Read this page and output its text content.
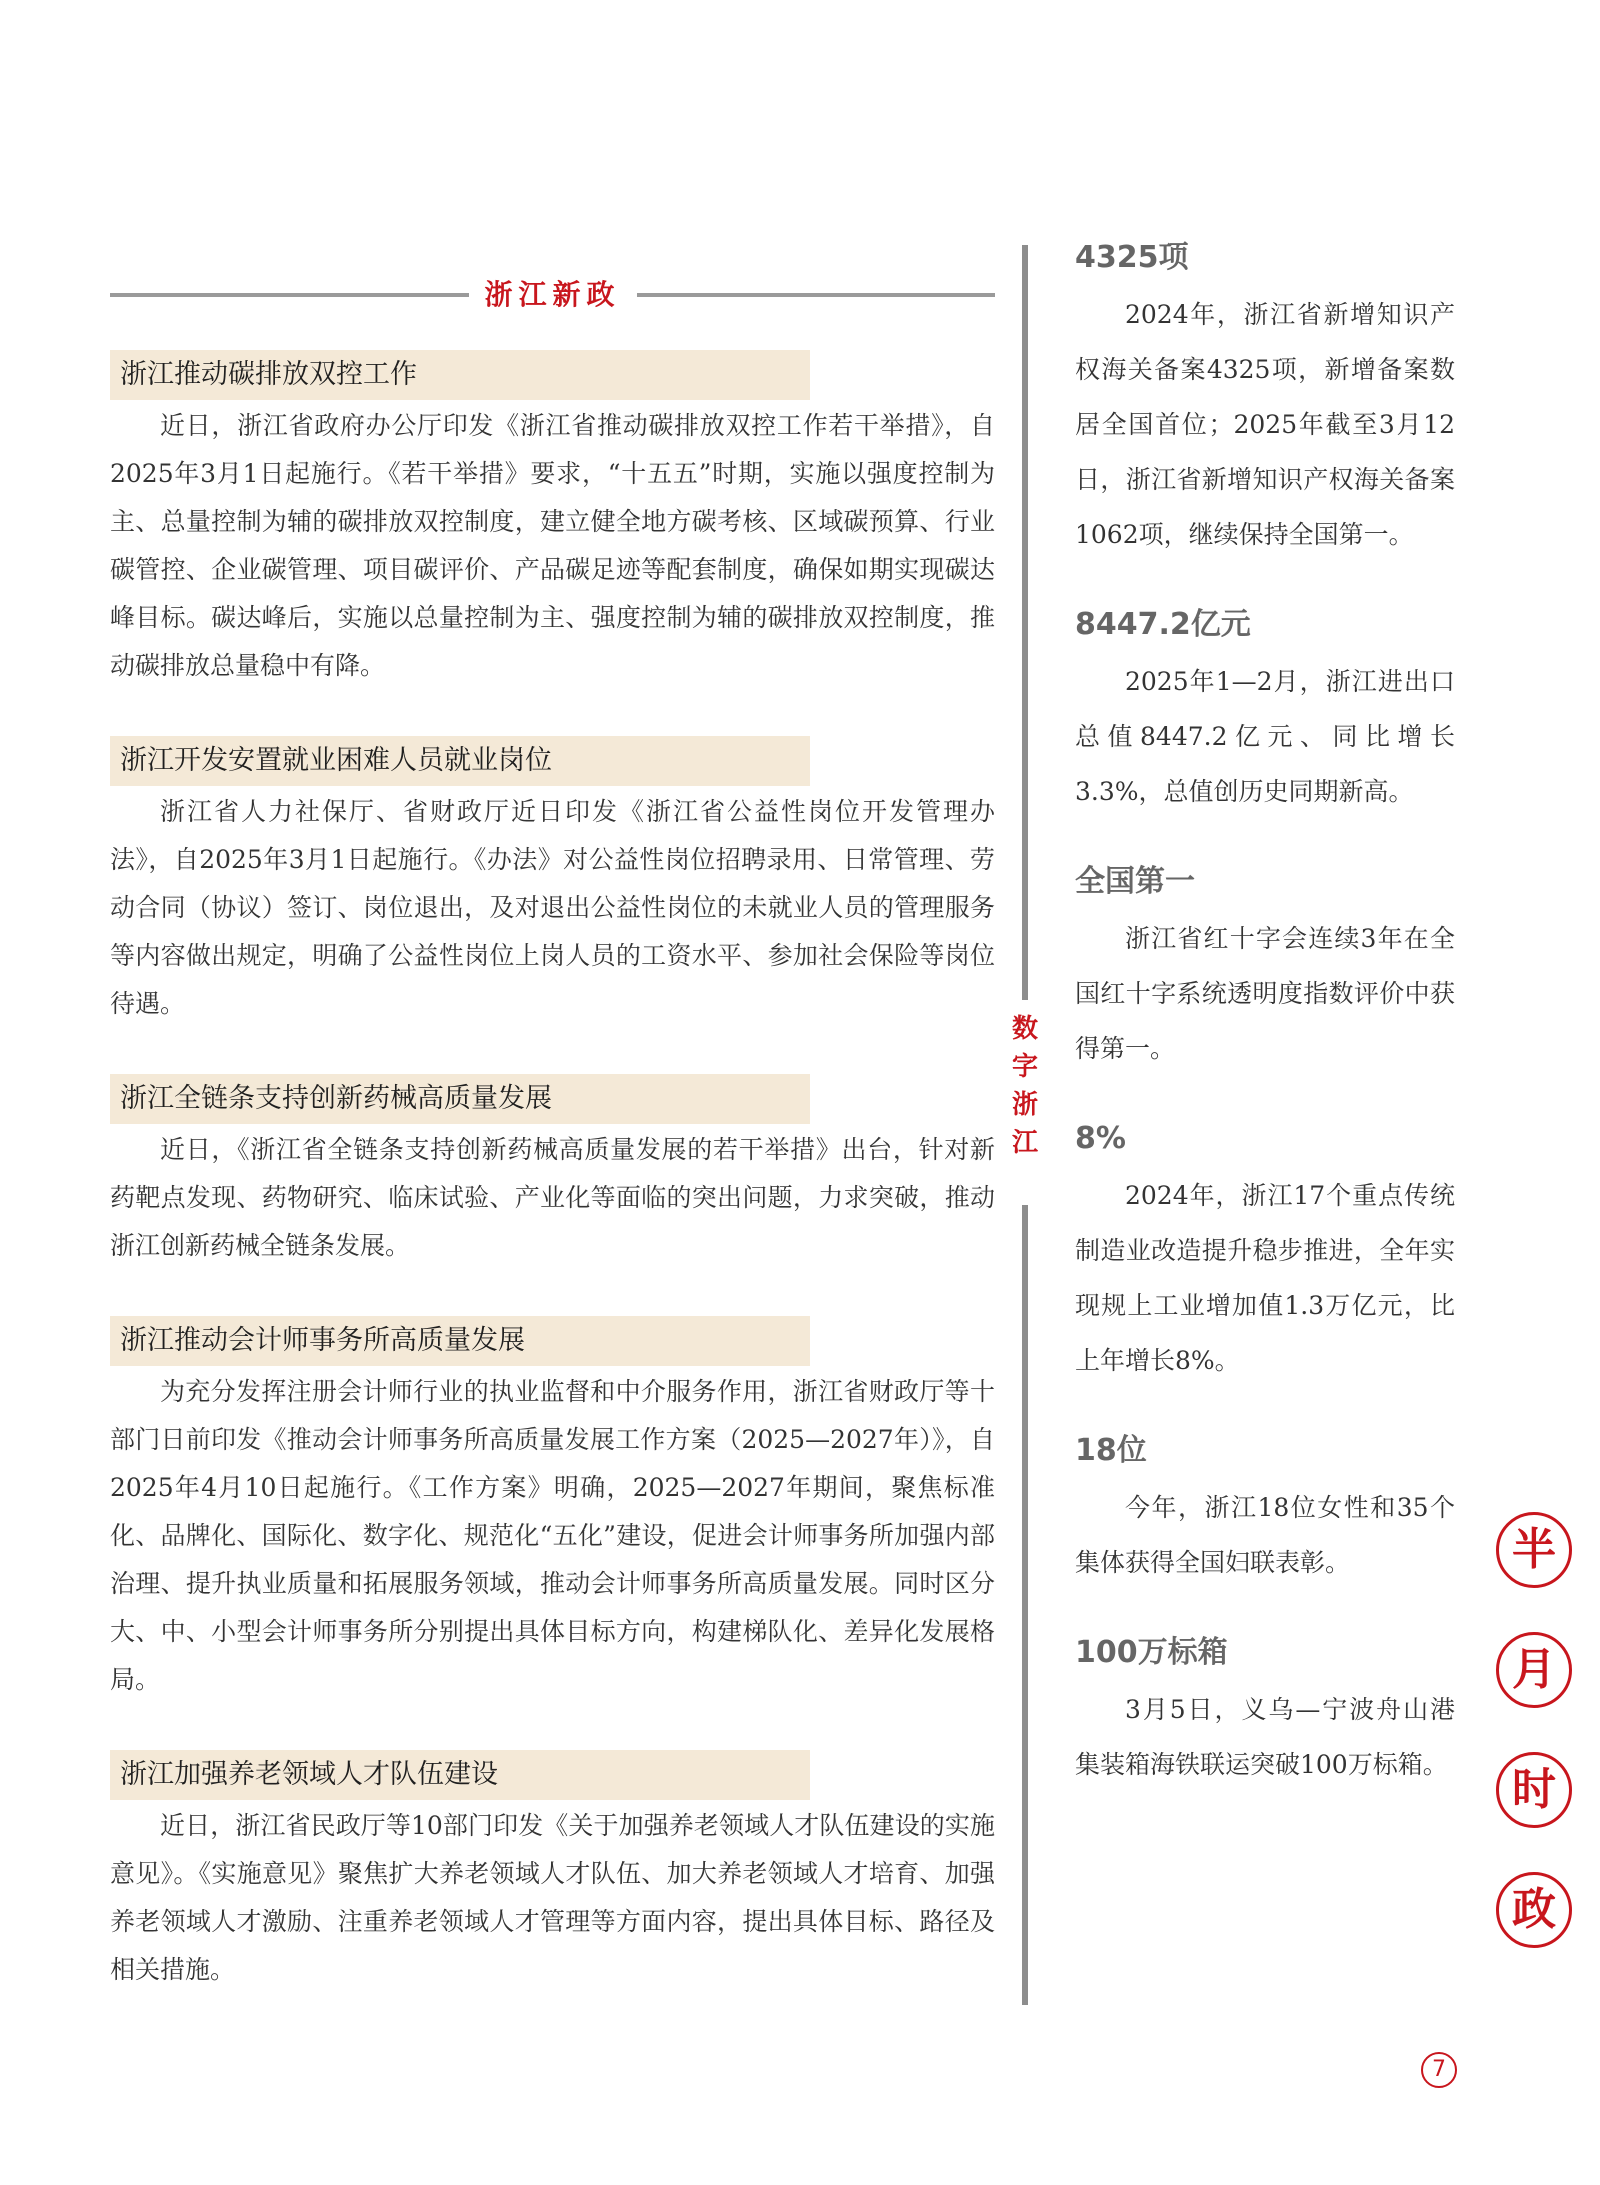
浙江新政
浙江推动碳排放双控工作

近日，浙江省政府办公厅印发《浙江省推动碳排放双控工作若干举措》，自2025年3月1日起施行。《若干举措》要求，“十五五”时期，实施以强度控制为主、总量控制为辅的碳排放双控制度，建立健全地方碳考核、区域碳预算、行业碳管控、企业碳管理、项目碳评价、产品碳足迹等配套制度，确保如期实现碳达峰目标。碳达峰后，实施以总量控制为主、强度控制为辅的碳排放双控制度，推动碳排放总量稳中有降。

浙江开发安置就业困难人员就业岗位

浙江省人力社保厅、省财政厅近日印发《浙江省公益性岗位开发管理办法》，自2025年3月1日起施行。《办法》对公益性岗位招聘录用、日常管理、劳动合同（协议）签订、岗位退出，及对退出公益性岗位的未就业人员的管理服务等内容做出规定，明确了公益性岗位上岗人员的工资水平、参加社会保险等岗位待遇。

浙江全链条支持创新药械高质量发展

近日，《浙江省全链条支持创新药械高质量发展的若干举措》出台，针对新药靶点发现、药物研究、临床试验、产业化等面临的突出问题，力求突破，推动浙江创新药械全链条发展。

浙江推动会计师事务所高质量发展

为充分发挥注册会计师行业的执业监督和中介服务作用，浙江省财政厅等十部门日前印发《推动会计师事务所高质量发展工作方案（2025—2027年）》，自2025年4月10日起施行。《工作方案》明确，2025—2027年期间，聚焦标准化、品牌化、国际化、数字化、规范化“五化”建设，促进会计师事务所加强内部治理、提升执业质量和拓展服务领域，推动会计师事务所高质量发展。同时区分大、中、小型会计师事务所分别提出具体目标方向，构建梯队化、差异化发展格局。

浙江加强养老领域人才队伍建设

近日，浙江省民政厅等10部门印发《关于加强养老领域人才队伍建设的实施意见》。《实施意见》聚焦扩大养老领域人才队伍、加大养老领域人才培育、加强养老领域人才激励、注重养老领域人才管理等方面内容，提出具体目标、路径及相关措施。

数
字
浙
江
4325项

2024年，浙江省新增知识产权海关备案4325项，新增备案数居全国首位；2025年截至3月12日，浙江省新增知识产权海关备案1062项，继续保持全国第一。

8447.2亿元

2025年1—2月，浙江进出口总值8447.2亿元、同比增长3.3%，总值创历史同期新高。

全国第一

浙江省红十字会连续3年在全国红十字系统透明度指数评价中获得第一。

8%

2024年，浙江17个重点传统制造业改造提升稳步推进，全年实现规上工业增加值1.3万亿元，比上年增长8%。

18位

今年，浙江18位女性和35个集体获得全国妇联表彰。

100万标箱

3月5日，义乌—宁波舟山港集装箱海铁联运突破100万标箱。

半
月
时
政
7
